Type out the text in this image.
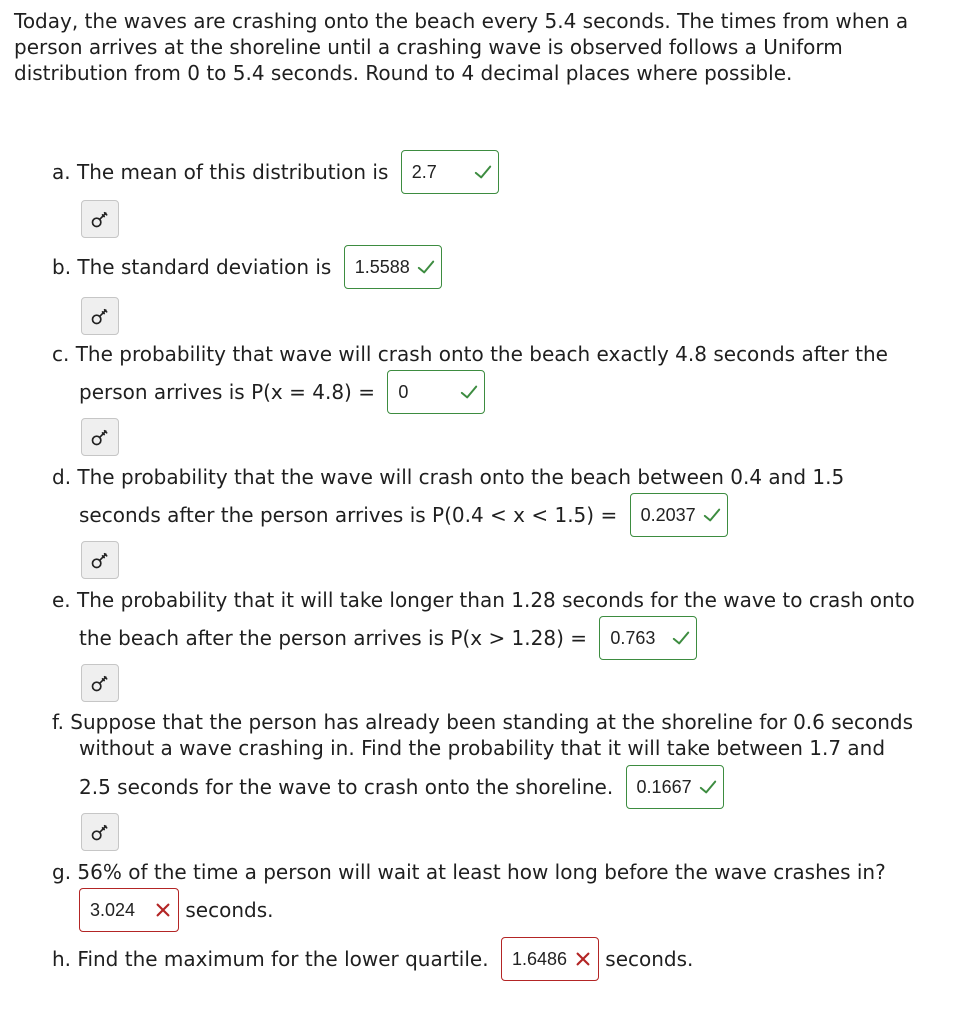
Today, the waves are crashing onto the beach every 5.4 seconds. The times from when a person arrives at the shoreline until a crashing wave is observed follows a Uniform distribution from 0 to 5.4 seconds. Round to 4 decimal places where possible.

a. The mean of this distribution is 2.7
b. The standard deviation is 1.5588
c. The probability that wave will crash onto the beach exactly 4.8 seconds after the
person arrives is P(x = 4.8) = 0
d. The probability that the wave will crash onto the beach between 0.4 and 1.5
seconds after the person arrives is P(0.4 < x < 1.5) = 0.2037
e. The probability that it will take longer than 1.28 seconds for the wave to crash onto
the beach after the person arrives is P(x > 1.28) = 0.763
f. Suppose that the person has already been standing at the shoreline for 0.6 seconds
without a wave crashing in. Find the probability that it will take between 1.7 and
2.5 seconds for the wave to crash onto the shoreline. 0.1667
g. 56% of the time a person will wait at least how long before the wave crashes in?
3.024	seconds.
h. Find the maximum for the lower quartile. 1.6486 seconds.
